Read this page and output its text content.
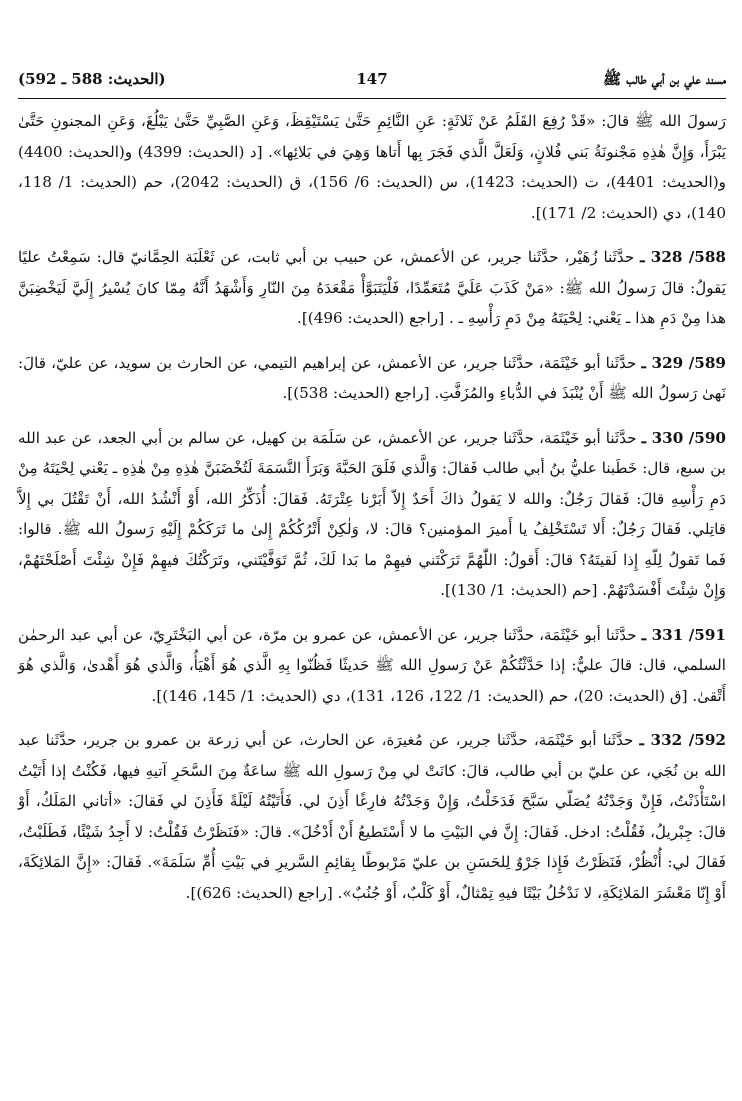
مسند علي بن أبي طالب ﷺ
147
(الحديث: 588 ـ 592)

رَسولَ الله ﷺ قالَ: «قَدْ رُفِعَ القَلَمُ عَنْ ثَلاثَةٍ: عَنِ النَّائِمِ حَتَّىٰ يَسْتَيْقِظَ، وَعَنِ الصَّبِيِّ حَتَّىٰ يَبْلُغَ، وَعَنِ المجنونِ حَتَّىٰ يَبْرَأَ، وَإِنَّ هٰذِهِ مَجْنونَةُ بَني فُلانٍ، وَلَعَلَّ الَّذي فَجَرَ بِها أَتاها وَهِيَ في بَلائِها». [د (الحديث: 4399) و(الحديث: 4400) و(الحديث: 4401)، ت (الحديث: 1423)، س (الحديث: 6/ 156)، ق (الحديث: 2042)، حم (الحديث: 1/ 118، 140)، دي (الحديث: 2/ 171)].

588/ 328 ـ حدَّثَنا زُهَيْر، حدَّثَنا جرير، عن الأعمش، عن حبيب بن أبي ثابت، عن ثَعْلَبَة الحِمَّانيّ قال: سَمِعْتُ عليًا يَقولُ: قالَ رَسولُ الله ﷺ: «مَنْ كَذَبَ عَلَيَّ مُتَعَمِّدًا، فَلْيَتَبَوَّأْ مَقْعَدَهُ مِنَ النّارِ وَأَشْهَدُ أَنَّهُ مِمّا كانَ يُسْيرُ إِلَيَّ لَيَخْضِبَنَّ هذا مِنْ دَمِ هذا ـ يَعْني: لِحْيَتَهُ مِنْ دَمِ رَأْسِهِ ـ . [راجع (الحديث: 496)].

589/ 329 ـ حدَّثَنا أبو خَيْثَمَة، حدَّثَنا جرير، عن الأعمش، عن إبراهيم التيمي، عن الحارث بن سويد، عن عليّ، قالَ: نَهىٰ رَسولُ الله ﷺ أَنْ يُنْبَذَ في الدُّباءِ والمُزَفَّتِ. [راجع (الحديث: 538)].

590/ 330 ـ حدَّثَنا أبو خَيْثَمَة، حدَّثَنا جرير، عن الأعمش، عن سَلَمَة بن كهيل، عن سالم بن أبي الجعد، عن عبد الله بن سبع، قال: خَطَبنا عليُّ بنُ أبي طالب فَقالَ: وَالَّذي فَلَقَ الحَبَّةَ وَبَرَأَ النَّسَمَةَ لَتُخْضَبَنَّ هٰذِهِ مِنْ هٰذِهِ ـ يَعْني لِحْيَتَهُ مِنْ دَمِ رَأْسِهِ قالَ: فَقالَ رَجُلٌ: والله لا يَقولُ ذاكَ أَحَدٌ إِلاّ أَبَرْنا عِتْرَتَهُ. فَقالَ: أُذَكِّرُ الله، أَوْ أَنْشُدُ الله، أَنْ تَقْتُلَ بي إِلاَّ قاتِلي. فَقالَ رَجُلٌ: أَلا تَسْتَخْلِفُ يا أَميرَ المؤمنين؟ قالَ: لا، وَلٰكِنْ أَتْرُكُكُمْ إِلىٰ ما تَرَكَكُمْ إِلَيْهِ رَسولُ الله ﷺ. قالوا: فَما تَقولُ لِلّهِ إِذا لَقيتَهُ؟ قالَ: أَقولُ: اللّٰهُمَّ تَرَكْتَني فيهِمْ ما بَدا لَكَ، ثُمَّ تَوَفَّيْتَني، وتَرَكْتُكَ فيهِمْ فَإِنْ شِئْتَ أَصْلَحْتَهُمْ، وَإِنْ شِئْتَ أَفْسَدْتَهُمْ. [حم (الحديث: 1/ 130)].

591/ 331 ـ حدَّثَنا أبو خَيْثَمَة، حدَّثَنا جرير، عن الأعمش، عن عمرو بن مرّة، عن أبي البَخْتَرِيّ، عن أبي عبد الرحمٰن السلمي، قال: قالَ عليٌّ: إذا حَدَّثْتُكُمْ عَنْ رَسولِ الله ﷺ حَديثًا فَظُنّوا بِهِ الَّذي هُوَ أَهْيَأُ، وَالَّذي هُوَ أَهْدىٰ، وَالَّذي هُوَ أَتْقىٰ. [ق (الحديث: 20)، حم (الحديث: 1/ 122، 126، 131)، دي (الحديث: 1/ 145، 146)].

592/ 332 ـ حدَّثَنا أبو خَيْثَمَة، حدَّثَنا جرير، عن مُغيرَة، عن الحارث، عن أبي زرعة بن عمرو بن جرير، حدَّثَنا عبد الله بن نُجَي، عن عليّ بن أبي طالب، قالَ: كانَتْ لي مِنْ رَسولِ الله ﷺ ساعَةٌ مِنَ السَّحَرِ آتيهِ فيها، فَكُنْتُ إذا أَتَيْتُ اسْتَأْذَنْتُ، فَإِنْ وَجَدْتُهُ يُصَلّي سَبَّحَ فَدَخَلْتُ، وَإِنْ وَجَدْتُهُ فارِغًا أَذِنَ لي. فَأَتَيْتُهُ لَيْلَةً فَأَذِنَ لي فَقالَ: «أتاني المَلَكُ، أَوْ قالَ: جِبْريلُ، فَقُلْتُ: ادخل. فَقالَ: إِنَّ في البَيْتِ ما لا أَسْتَطيعُ أَنْ أَدْخُلَ». قالَ: «فَنَظَرْتُ فَقُلْتُ: لا أَجِدُ شَيْئًا، فَطَلَبْتُ، فَقالَ لي: أُنْظُرْ، فَنَظَرْتُ فَإِذا جَرْوٌ لِلحَسَنِ بن عليّ مَرْبوطًا بِقائِمِ السَّريرِ في بَيْتِ أُمِّ سَلَمَةَ». فَقالَ: «إِنَّ المَلائِكَةَ، أَوْ إِنّا مَعْشَرَ المَلائِكَةِ، لا نَدْخُلُ بَيْتًا فيهِ تِمْثالٌ، أَوْ كَلْبٌ، أَوْ جُنُبٌ». [راجع (الحديث: 626)].
